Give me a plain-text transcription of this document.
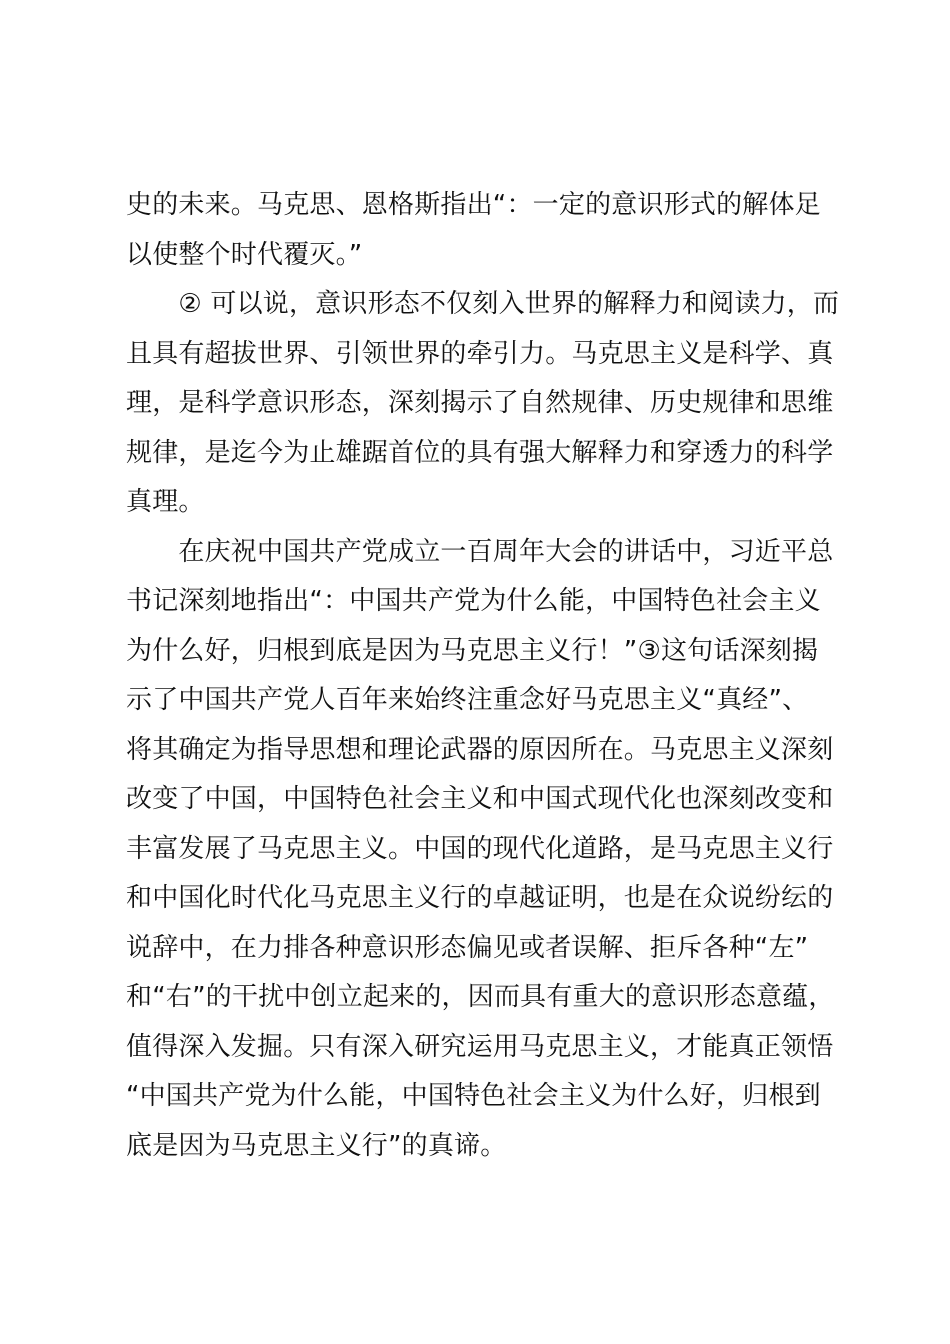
史的未来。马克思、恩格斯指出“：一定的意识形式的解体足
以使整个时代覆灭。”
　　② 可以说，意识形态不仅刻入世界的解释力和阅读力，而
且具有超拔世界、引领世界的牵引力。马克思主义是科学、真
理，是科学意识形态，深刻揭示了自然规律、历史规律和思维
规律，是迄今为止雄踞首位的具有强大解释力和穿透力的科学
真理。
　　在庆祝中国共产党成立一百周年大会的讲话中，习近平总
书记深刻地指出“：中国共产党为什么能，中国特色社会主义
为什么好，归根到底是因为马克思主义行！”③这句话深刻揭
示了中国共产党人百年来始终注重念好马克思主义“真经”、
将其确定为指导思想和理论武器的原因所在。马克思主义深刻
改变了中国，中国特色社会主义和中国式现代化也深刻改变和
丰富发展了马克思主义。中国的现代化道路，是马克思主义行
和中国化时代化马克思主义行的卓越证明，也是在众说纷纭的
说辞中，在力排各种意识形态偏见或者误解、拒斥各种“左”
和“右”的干扰中创立起来的，因而具有重大的意识形态意蕴，
值得深入发掘。只有深入研究运用马克思主义，才能真正领悟
“中国共产党为什么能，中国特色社会主义为什么好，归根到
底是因为马克思主义行”的真谛。
